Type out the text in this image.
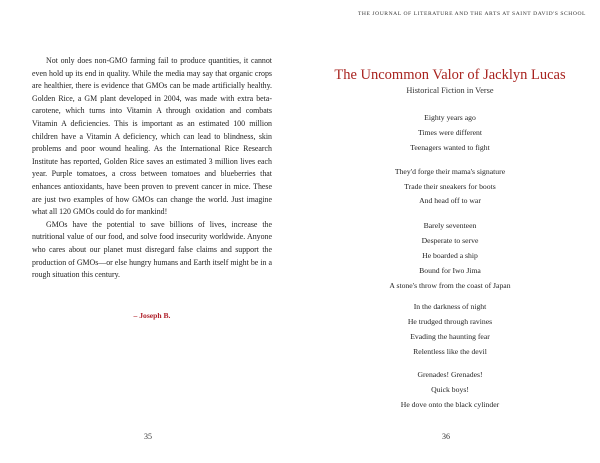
Not only does non-GMO farming fail to produce quantities, it cannot even hold up its end in quality. While the media may say that organic crops are healthier, there is evidence that GMOs can be made artificially healthy. Golden Rice, a GM plant developed in 2004, was made with extra beta-carotene, which turns into Vitamin A through oxidation and combats Vitamin A deficiencies. This is important as an estimated 100 million children have a Vitamin A deficiency, which can lead to blindness, skin problems and poor wound healing. As the International Rice Research Institute has reported, Golden Rice saves an estimated 3 million lives each year. Purple tomatoes, a cross between tomatoes and blueberries that enhances antioxidants, have been proven to prevent cancer in mice. These are just two examples of how GMOs can change the world. Just imagine what all 120 GMOs could do for mankind!

GMOs have the potential to save billions of lives, increase the nutritional value of our food, and solve food insecurity worldwide. Anyone who cares about our planet must disregard false claims and support the production of GMOs—or else hungry humans and Earth itself might be in a rough situation this century.

– Joseph B.
35
THE JOURNAL OF LITERATURE AND THE ARTS AT SAINT DAVID'S SCHOOL
The Uncommon Valor of Jacklyn Lucas
Historical Fiction in Verse
Eighty years ago
Times were different
Teenagers wanted to fight
They'd forge their mama's signature
Trade their sneakers for boots
And head off to war
Barely seventeen
Desperate to serve
He boarded a ship
Bound for Iwo Jima
A stone's throw from the coast of Japan
In the darkness of night
He trudged through ravines
Evading the haunting fear
Relentless like the devil
Grenades! Grenades!
Quick boys!
He dove onto the black cylinder
36
